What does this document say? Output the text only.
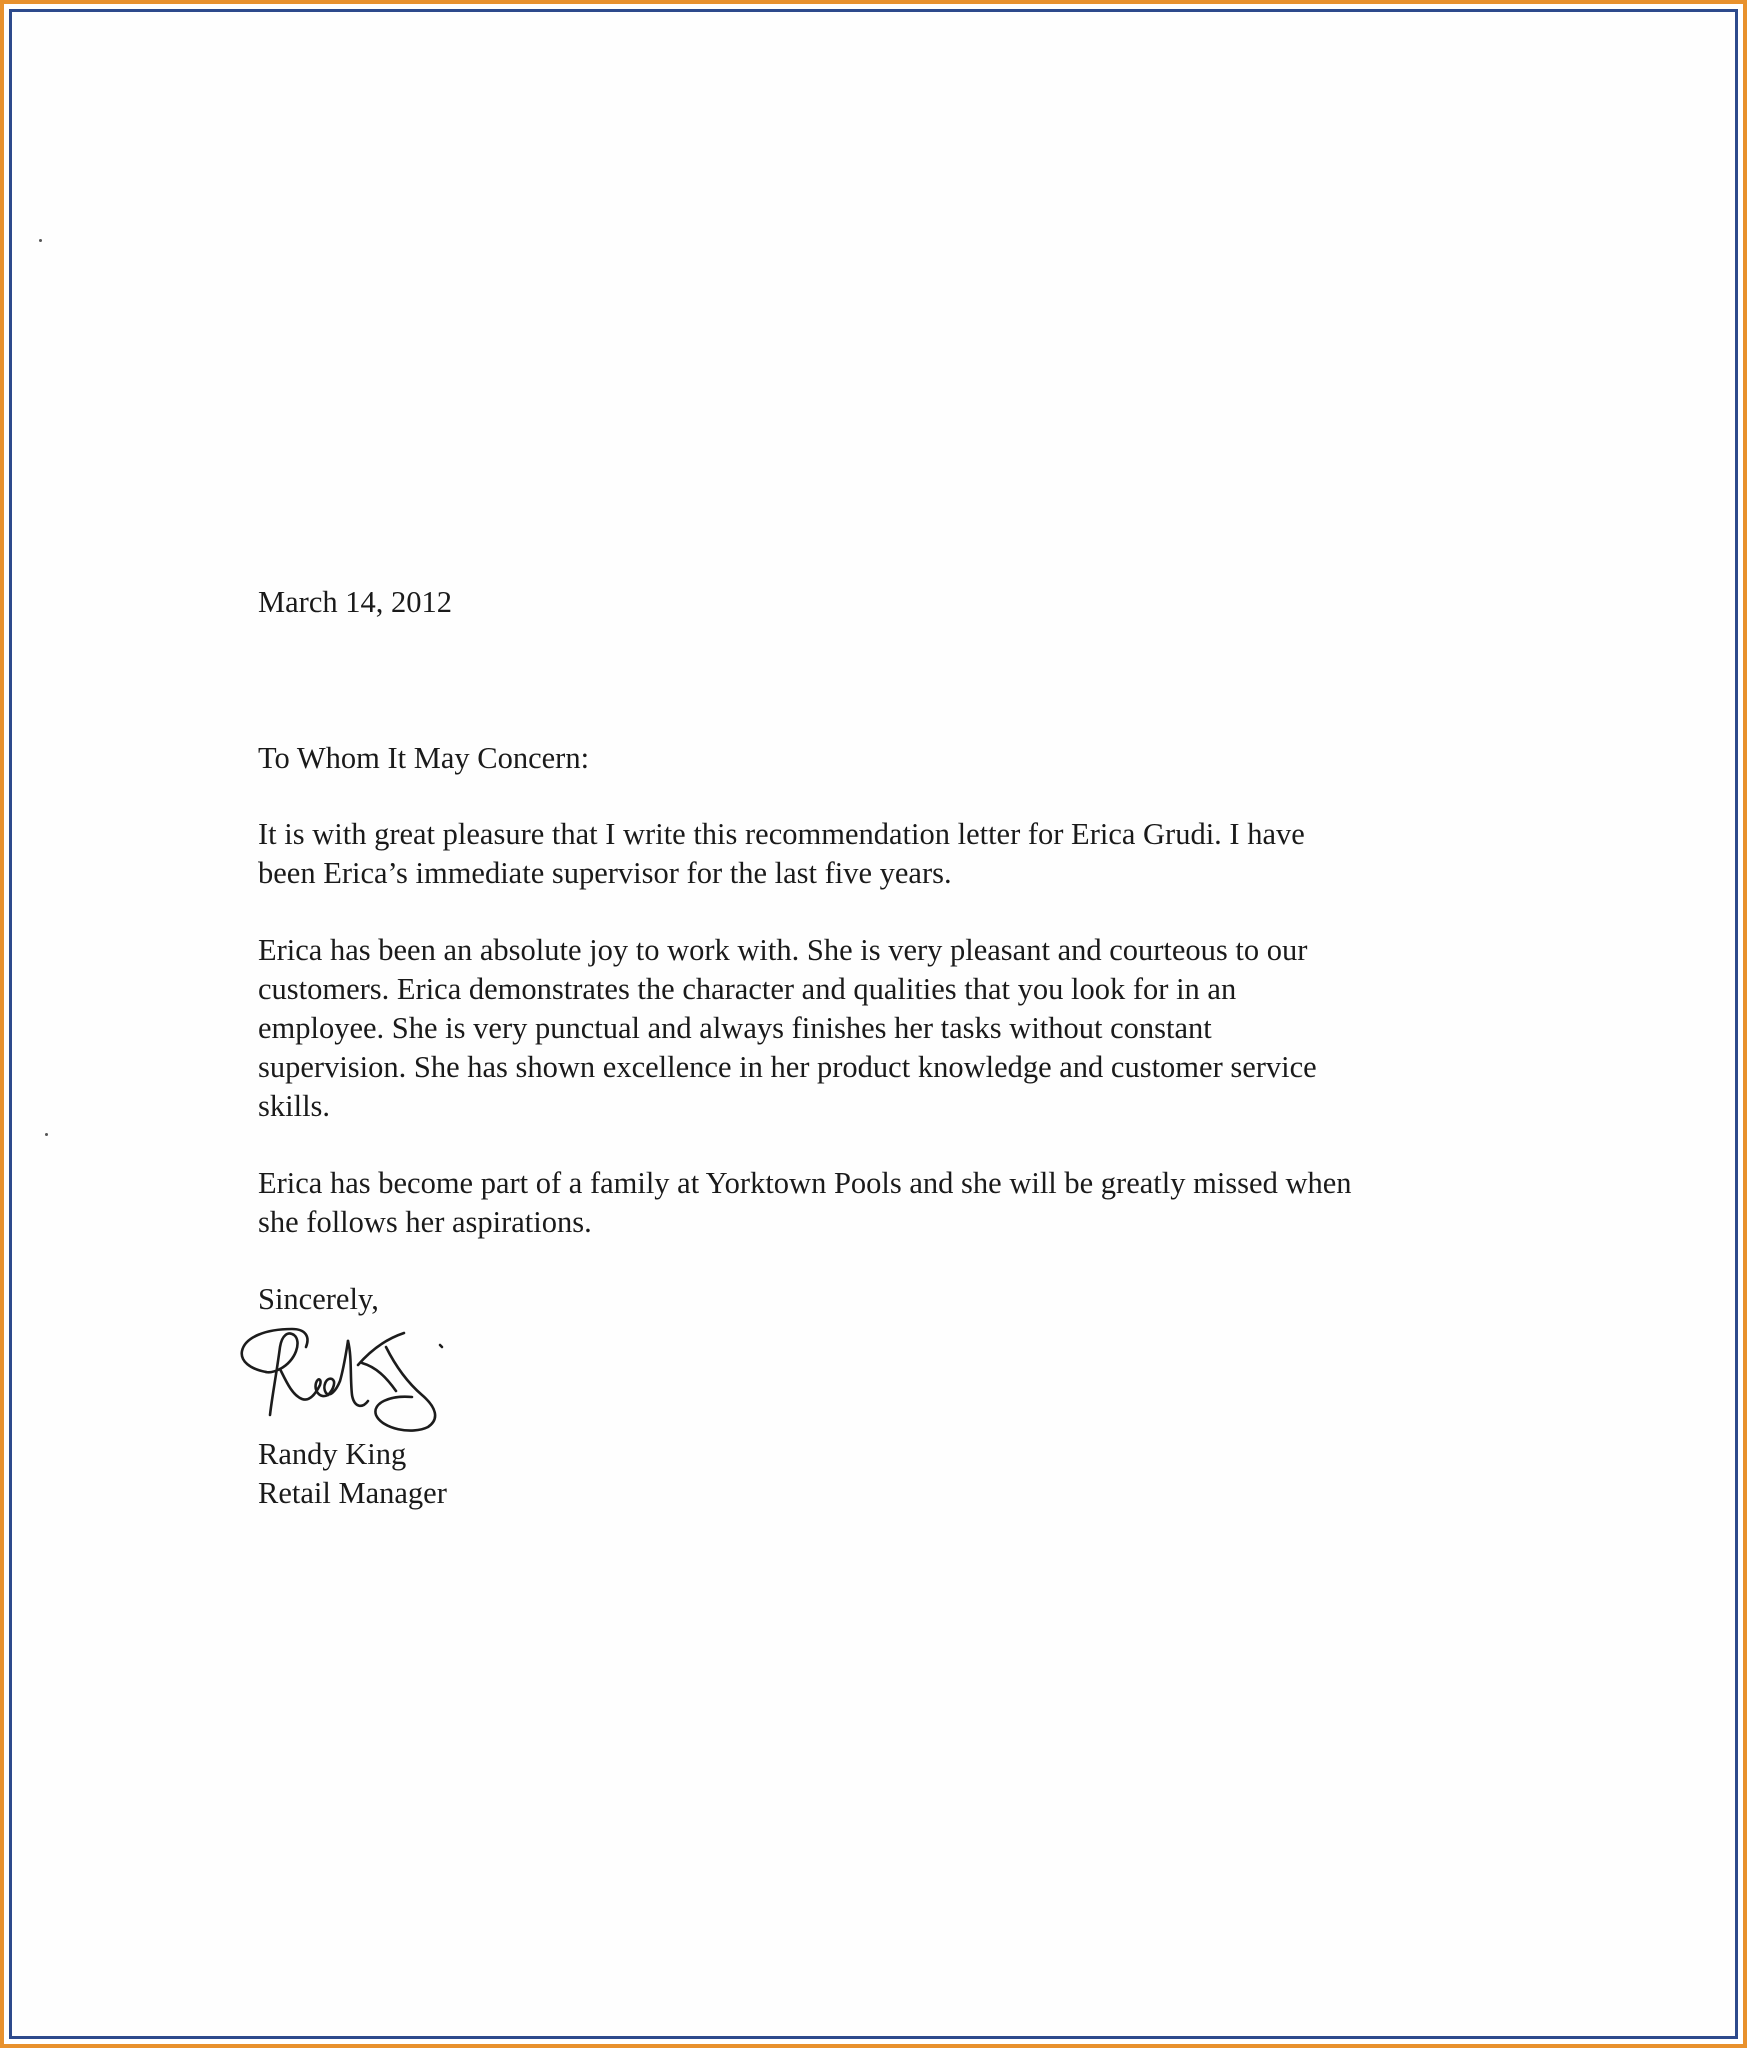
March 14, 2012
To Whom It May Concern:
It is with great pleasure that I write this recommendation letter for Erica Grudi. I have
been Erica’s immediate supervisor for the last five years.
Erica has been an absolute joy to work with. She is very pleasant and courteous to our
customers. Erica demonstrates the character and qualities that you look for in an
employee. She is very punctual and always finishes her tasks without constant
supervision. She has shown excellence in her product knowledge and customer service
skills.
Erica has become part of a family at Yorktown Pools and she will be greatly missed when
she follows her aspirations.
Sincerely,
Randy King
Retail Manager
